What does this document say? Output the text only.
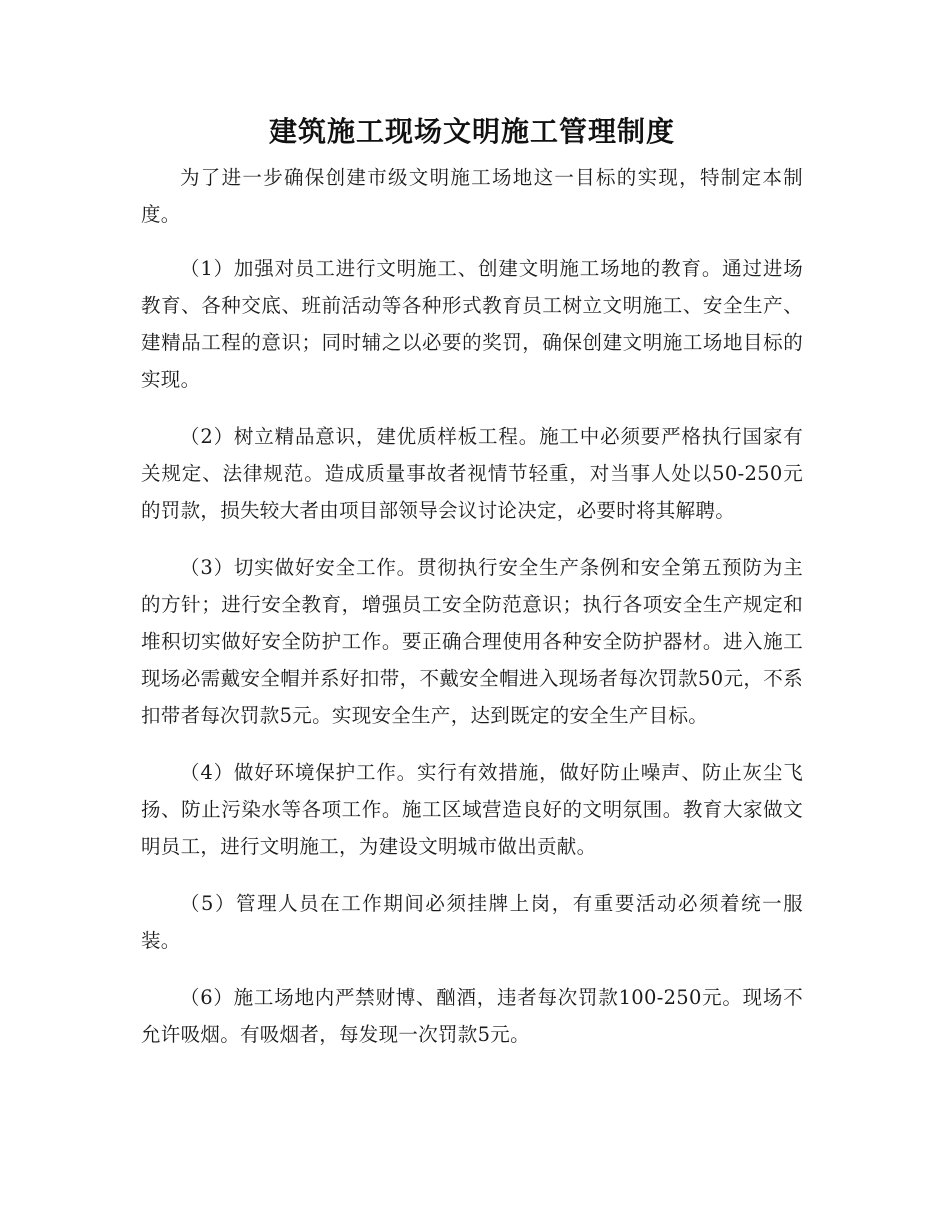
建筑施工现场文明施工管理制度

为了进一步确保创建市级文明施工场地这一目标的实现，特制定本制度。

（1）加强对员工进行文明施工、创建文明施工场地的教育。通过进场教育、各种交底、班前活动等各种形式教育员工树立文明施工、安全生产、建精品工程的意识；同时辅之以必要的奖罚，确保创建文明施工场地目标的实现。

（2）树立精品意识，建优质样板工程。施工中必须要严格执行国家有关规定、法律规范。造成质量事故者视情节轻重，对当事人处以50-250元的罚款，损失较大者由项目部领导会议讨论决定，必要时将其解聘。

（3）切实做好安全工作。贯彻执行安全生产条例和安全第五预防为主的方针；进行安全教育，增强员工安全防范意识；执行各项安全生产规定和堆积切实做好安全防护工作。要正确合理使用各种安全防护器材。进入施工现场必需戴安全帽并系好扣带，不戴安全帽进入现场者每次罚款50元，不系扣带者每次罚款5元。实现安全生产，达到既定的安全生产目标。

（4）做好环境保护工作。实行有效措施，做好防止噪声、防止灰尘飞扬、防止污染水等各项工作。施工区域营造良好的文明氛围。教育大家做文明员工，进行文明施工，为建设文明城市做出贡献。

（5）管理人员在工作期间必须挂牌上岗，有重要活动必须着统一服装。

（6）施工场地内严禁财博、酗酒，违者每次罚款100-250元。现场不允许吸烟。有吸烟者，每发现一次罚款5元。
